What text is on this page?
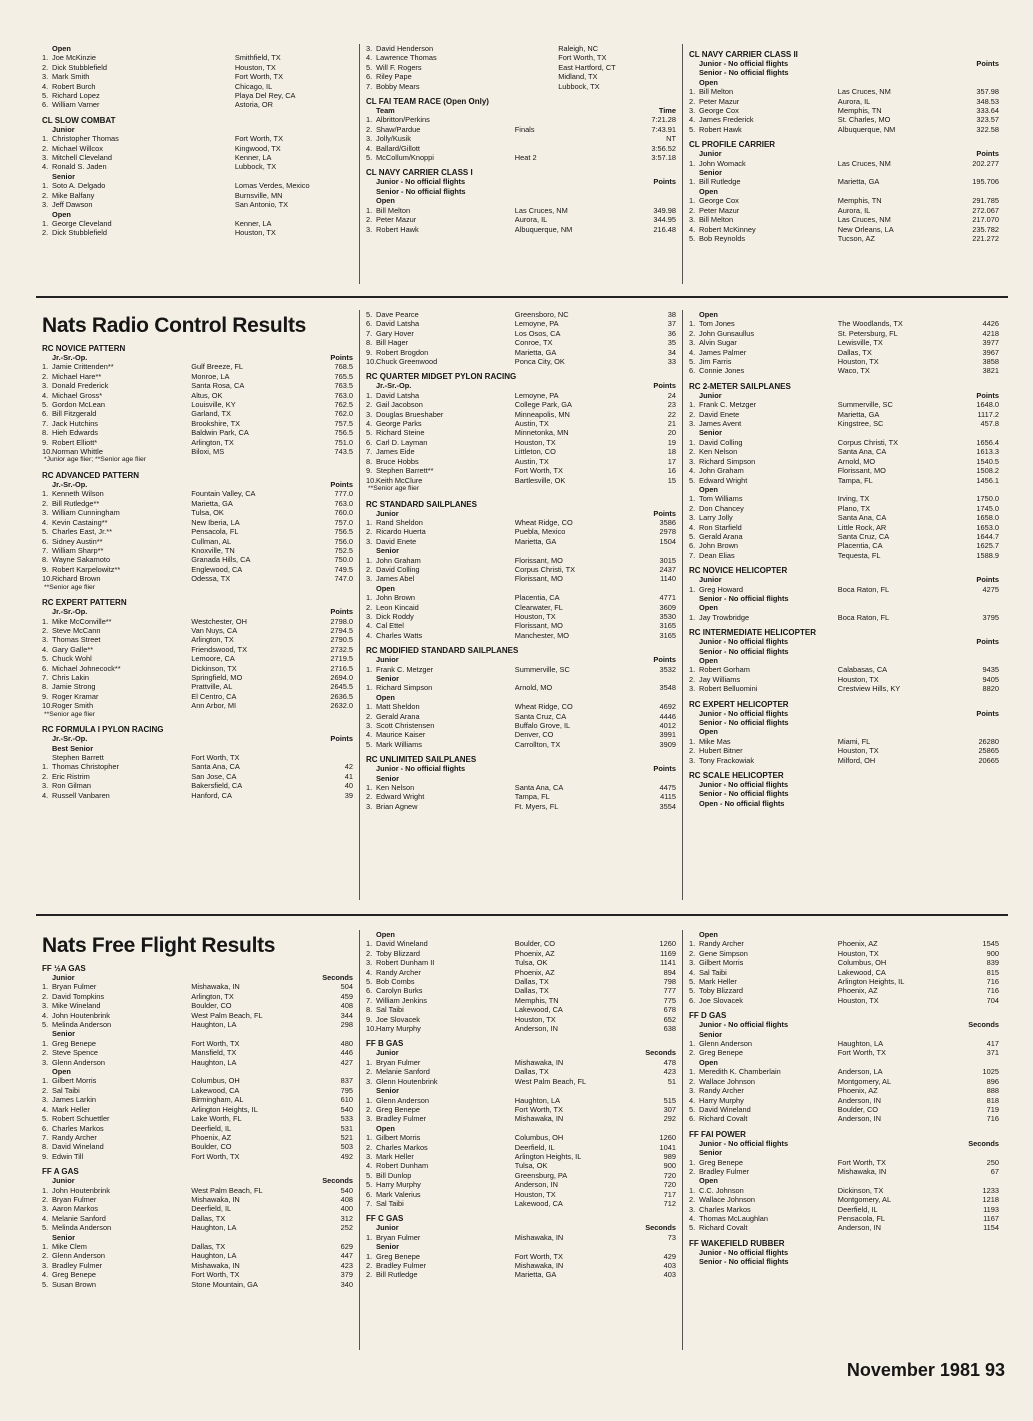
Open
1. Joe McKinzie	Smithfield, TX
2. Dick Stubblefield	Houston, TX
3. Mark Smith	Fort Worth, TX
4. Robert Burch	Chicago, IL
5. Richard Lopez	Playa Del Rey, CA
6. William Varner	Astoria, OR
CL SLOW COMBAT
Junior
1. Christopher Thomas	Fort Worth, TX
2. Michael Willcox	Kingwood, TX
3. Mitchell Cleveland	Kenner, LA
4. Ronald S. Jaden	Lubbock, TX
Senior
1. Soto A. Delgado	Lomas Verdes, Mexico
2. Mike Balfany	Burnsville, MN
3. Jeff Dawson	San Antonio, TX
Open
1. George Cleveland	Kenner, LA
2. Dick Stubblefield	Houston, TX
3. David Henderson	Raleigh, NC
4. Lawrence Thomas	Fort Worth, TX
5. Will F. Rogers	East Hartford, CT
6. Riley Pape	Midland, TX
7. Bobby Mears	Lubbock, TX
CL FAI TEAM RACE (Open Only)
Team	Time
1. Albritton/Perkins	7:21.28
2. Shaw/Pardue	Finals	7:43.91
3. Jolly/Kusik	NT
4. Ballard/Gillott	3:56.52
5. McCollum/Knoppi	Heat 2	3:57.18
CL NAVY CARRIER CLASS I
Junior - No official flights	Points
Senior - No official flights
Open
1. Bill Melton	Las Cruces, NM	349.98
2. Peter Mazur	Aurora, IL	344.95
3. Robert Hawk	Albuquerque, NM	216.48
CL NAVY CARRIER CLASS II
Junior - No official flights	Points
Senior - No official flights
Open
1. Bill Melton	Las Cruces, NM	357.98
2. Peter Mazur	Aurora, IL	348.53
3. George Cox	Memphis, TN	333.64
4. James Frederick	St. Charles, MO	323.57
5. Robert Hawk	Albuquerque, NM	322.58
CL PROFILE CARRIER
Junior	Points
1. John Womack	Las Cruces, NM	202.277
Senior
1. Bill Rutledge	Marietta, GA	195.706
Open
1. George Cox	Memphis, TN	291.785
2. Peter Mazur	Aurora, IL	272.067
3. Bill Melton	Las Cruces, NM	217.070
4. Robert McKinney	New Orleans, LA	235.782
5. Bob Reynolds	Tucson, AZ	221.272
Nats Radio Control Results
RC NOVICE PATTERN
Jr.-Sr.-Op.	Points
1. Jamie Crittenden**	Gulf Breeze, FL	768.5
2. Michael Hare**	Monroe, LA	765.5
3. Donald Frederick	Santa Rosa, CA	763.5
4. Michael Gross*	Altus, OK	763.0
5. Gordon McLean	Louisville, KY	762.5
6. Bill Fitzgerald	Garland, TX	762.0
7. Jack Hutchins	Brookshire, TX	757.5
8. Hieh Edwards	Baldwin Park, CA	756.5
9. Robert Elliott*	Arlington, TX	751.0
10. Norman Whittle	Biloxi, MS	743.5
*Junior age flier; **Senior age flier
RC ADVANCED PATTERN
Jr.-Sr.-Op.	Points
1. Kenneth Wilson	Fountain Valley, CA	777.0
2. Bill Rutledge**	Marietta, GA	763.0
3. William Cunningham	Tulsa, OK	760.0
4. Kevin Castaing**	New Iberia, LA	757.0
5. Charles East, Jr.**	Pensacola, FL	756.5
6. Sidney Austin**	Cullman, AL	756.0
7. William Sharp**	Knoxville, TN	752.5
8. Wayne Sakamoto	Granada Hills, CA	750.0
9. Robert Karpelowitz**	Englewood, CA	749.5
10. Richard Brown	Odessa, TX	747.0
**Senior age flier
RC EXPERT PATTERN
Jr.-Sr.-Op.	Points
1. Mike McConville**	Westchester, OH	2798.0
2. Steve McCann	Van Nuys, CA	2794.5
3. Thomas Street	Arlington, TX	2790.5
4. Gary Galle**	Friendswood, TX	2732.5
5. Chuck Wohl	Lemoore, CA	2719.5
6. Michael Johnecock**	Dickinson, TX	2716.5
7. Chris Lakin	Springfield, MO	2694.0
8. Jamie Strong	Prattville, AL	2645.5
9. Roger Kramar	El Centro, CA	2636.5
10. Roger Smith	Ann Arbor, MI	2632.0
**Senior age flier
RC FORMULA I PYLON RACING
Jr.-Sr.-Op.	Points
Best Senior
Stephen Barrett	Fort Worth, TX
1. Thomas Christopher	Santa Ana, CA	42
2. Eric Ristrim	San Jose, CA	41
3. Ron Gilman	Bakersfield, CA	40
4. Russell Vanbaren	Hanford, CA	39
5. Dave Pearce	Greensboro, NC	38
6. David Latsha	Lemoyne, PA	37
7. Gary Hover	Los Osos, CA	36
8. Bill Hager	Conroe, TX	35
9. Robert Brogdon	Marietta, GA	34
10. Chuck Greenwood	Ponca City, OK	33
RC QUARTER MIDGET PYLON RACING
Jr.-Sr.-Op.	Points
1. David Latsha	Lemoyne, PA	24
2. Gail Jacobson	College Park, GA	23
3. Douglas Brueshaber	Minneapolis, MN	22
4. George Parks	Austin, TX	21
5. Richard Steine	Minnetonka, MN	20
6. Carl D. Layman	Houston, TX	19
7. James Eide	Littleton, CO	18
8. Bruce Hobbs	Austin, TX	17
9. Stephen Barrett**	Fort Worth, TX	16
10. Keith McClure	Bartlesville, OK	15
**Senior age flier
RC STANDARD SAILPLANES
Junior	Points
1. Rand Sheldon	Wheat Ridge, CO	3586
2. Ricardo Huerta	Puebla, Mexico	2978
3. David Enete	Marietta, GA	1504
Senior
1. John Graham	Florissant, MO	3015
2. David Colling	Corpus Christi, TX	2437
3. James Abel	Florissant, MO	1140
Open
1. John Brown	Placentia, CA	4771
2. Leon Kincaid	Clearwater, FL	3609
3. Dick Roddy	Houston, TX	3530
4. Cal Ettel	Florissant, MO	3165
4. Charles Watts	Manchester, MO	3165
RC MODIFIED STANDARD SAILPLANES
Junior	Points
1. Frank C. Metzger	Summerville, SC	3532
Senior
1. Richard Simpson	Arnold, MO	3548
Open
1. Matt Sheldon	Wheat Ridge, CO	4692
2. Gerald Arana	Santa Cruz, CA	4446
3. Scott Christensen	Buffalo Grove, IL	4012
4. Maurice Kaiser	Denver, CO	3991
5. Mark Williams	Carrollton, TX	3909
RC UNLIMITED SAILPLANES
Junior - No official flights	Points
Senior
1. Ken Nelson	Santa Ana, CA	4475
2. Edward Wright	Tampa, FL	4115
3. Brian Agnew	Ft. Myers, FL	3554
Open
1. Tom Jones	The Woodlands, TX	4426
2. John Gunsaullus	St. Petersburg, FL	4218
3. Alvin Sugar	Lewisville, TX	3977
4. James Palmer	Dallas, TX	3967
5. Jim Farris	Houston, TX	3858
6. Connie Jones	Waco, TX	3821
RC 2-METER SAILPLANES
Junior	Points
1. Frank C. Metzger	Summerville, SC	1648.0
2. David Enete	Marietta, GA	1117.2
3. James Avent	Kingstree, SC	457.8
Senior
1. David Colling	Corpus Christi, TX	1656.4
2. Ken Nelson	Santa Ana, CA	1613.3
3. Richard Simpson	Arnold, MO	1540.5
4. John Graham	Florissant, MO	1508.2
5. Edward Wright	Tampa, FL	1456.1
Open
1. Tom Williams	Irving, TX	1750.0
2. Don Chancey	Plano, TX	1745.0
3. Larry Jolly	Santa Ana, CA	1658.0
4. Ron Starfield	Little Rock, AR	1653.0
5. Gerald Arana	Santa Cruz, CA	1644.7
6. John Brown	Placentia, CA	1625.7
7. Dean Elias	Tequesta, FL	1588.9
RC NOVICE HELICOPTER
Junior	Points
1. Greg Howard	Boca Raton, FL	4275
Senior - No official flights
Open
1. Jay Trowbridge	Boca Raton, FL	3795
RC INTERMEDIATE HELICOPTER
Junior - No official flights	Points
Senior - No official flights
Open
1. Robert Gorham	Calabasas, CA	9435
2. Jay Williams	Houston, TX	9405
3. Robert Belluomini	Crestview Hills, KY	8820
RC EXPERT HELICOPTER
Junior - No official flights	Points
Senior - No official flights
Open
1. Mike Mas	Miami, FL	26280
2. Hubert Bitner	Houston, TX	25865
3. Tony Frackowiak	Milford, OH	20665
RC SCALE HELICOPTER
Junior - No official flights
Senior - No official flights
Open - No official flights
Nats Free Flight Results
FF ½A GAS
Junior	Seconds
1. Bryan Fulmer	Mishawaka, IN	504
2. David Tompkins	Arlington, TX	459
3. Mike Wineland	Boulder, CO	408
4. John Houtenbrink	West Palm Beach, FL	344
5. Melinda Anderson	Haughton, LA	298
Senior
1. Greg Benepe	Fort Worth, TX	480
2. Steve Spence	Mansfield, TX	446
3. Glenn Anderson	Haughton, LA	427
Open
1. Gilbert Morris	Columbus, OH	837
2. Sal Taibi	Lakewood, CA	795
3. James Larkin	Birmingham, AL	610
4. Mark Heller	Arlington Heights, IL	540
5. Robert Schuettler	Lake Worth, FL	533
6. Charles Markos	Deerfield, IL	531
7. Randy Archer	Phoenix, AZ	521
8. David Wineland	Boulder, CO	503
9. Edwin Till	Fort Worth, TX	492
FF A GAS
Junior	Seconds
1. John Houtenbrink	West Palm Beach, FL	540
2. Bryan Fulmer	Mishawaka, IN	408
3. Aaron Markos	Deerfield, IL	400
4. Melanie Sanford	Dallas, TX	312
5. Melinda Anderson	Haughton, LA	252
Senior
1. Mike Clem	Dallas, TX	629
2. Glenn Anderson	Haughton, LA	447
3. Bradley Fulmer	Mishawaka, IN	423
4. Greg Benepe	Fort Worth, TX	379
5. Susan Brown	Stone Mountain, GA	340
Open
1. David Wineland	Boulder, CO	1260
2. Toby Blizzard	Phoenix, AZ	1169
3. Robert Dunham II	Tulsa, OK	1141
4. Randy Archer	Phoenix, AZ	894
5. Bob Combs	Dallas, TX	798
6. Carolyn Burks	Dallas, TX	777
7. William Jenkins	Memphis, TN	775
8. Sal Taibi	Lakewood, CA	678
9. Joe Slovacek	Houston, TX	652
10. Harry Murphy	Anderson, IN	638
FF B GAS
Junior	Seconds
1. Bryan Fulmer	Mishawaka, IN	478
2. Melanie Sanford	Dallas, TX	423
3. Glenn Houtenbrink	West Palm Beach, FL	51
Senior
1. Glenn Anderson	Haughton, LA	515
2. Greg Benepe	Fort Worth, TX	307
3. Bradley Fulmer	Mishawaka, IN	292
Open
1. Gilbert Morris	Columbus, OH	1260
2. Charles Markos	Deerfield, IL	1041
3. Mark Heller	Arlington Heights, IL	989
4. Robert Dunham	Tulsa, OK	900
5. Bill Dunlop	Greensburg, PA	720
5. Harry Murphy	Anderson, IN	720
6. Mark Valerius	Houston, TX	717
7. Sal Taibi	Lakewood, CA	712
FF C GAS
Junior	Seconds
1. Bryan Fulmer	Mishawaka, IN	73
Senior
1. Greg Benepe	Fort Worth, TX	429
2. Bradley Fulmer	Mishawaka, IN	403
2. Bill Rutledge	Marietta, GA	403
Open
1. Randy Archer	Phoenix, AZ	1545
2. Gene Simpson	Houston, TX	900
3. Gilbert Morris	Columbus, OH	839
4. Sal Taibi	Lakewood, CA	815
5. Mark Heller	Arlington Heights, IL	716
5. Toby Blizzard	Phoenix, AZ	716
6. Joe Slovacek	Houston, TX	704
FF D GAS
Junior - No official flights	Seconds
Senior
1. Glenn Anderson	Haughton, LA	417
2. Greg Benepe	Fort Worth, TX	371
Open
1. Meredith K. Chamberlain	Anderson, LA	1025
2. Wallace Johnson	Montgomery, AL	896
3. Randy Archer	Phoenix, AZ	888
4. Harry Murphy	Anderson, IN	818
5. David Wineland	Boulder, CO	719
6. Richard Covalt	Anderson, IN	716
FF FAI POWER
Junior - No official flights	Seconds
Senior
1. Greg Benepe	Fort Worth, TX	250
2. Bradley Fulmer	Mishawaka, IN	67
Open
1. C.C. Johnson	Dickinson, TX	1233
2. Wallace Johnson	Montgomery, AL	1218
3. Charles Markos	Deerfield, IL	1193
4. Thomas McLaughlan	Pensacola, FL	1167
5. Richard Covalt	Anderson, IN	1154
FF WAKEFIELD RUBBER
Junior - No official flights
Senior - No official flights
November 1981 93
